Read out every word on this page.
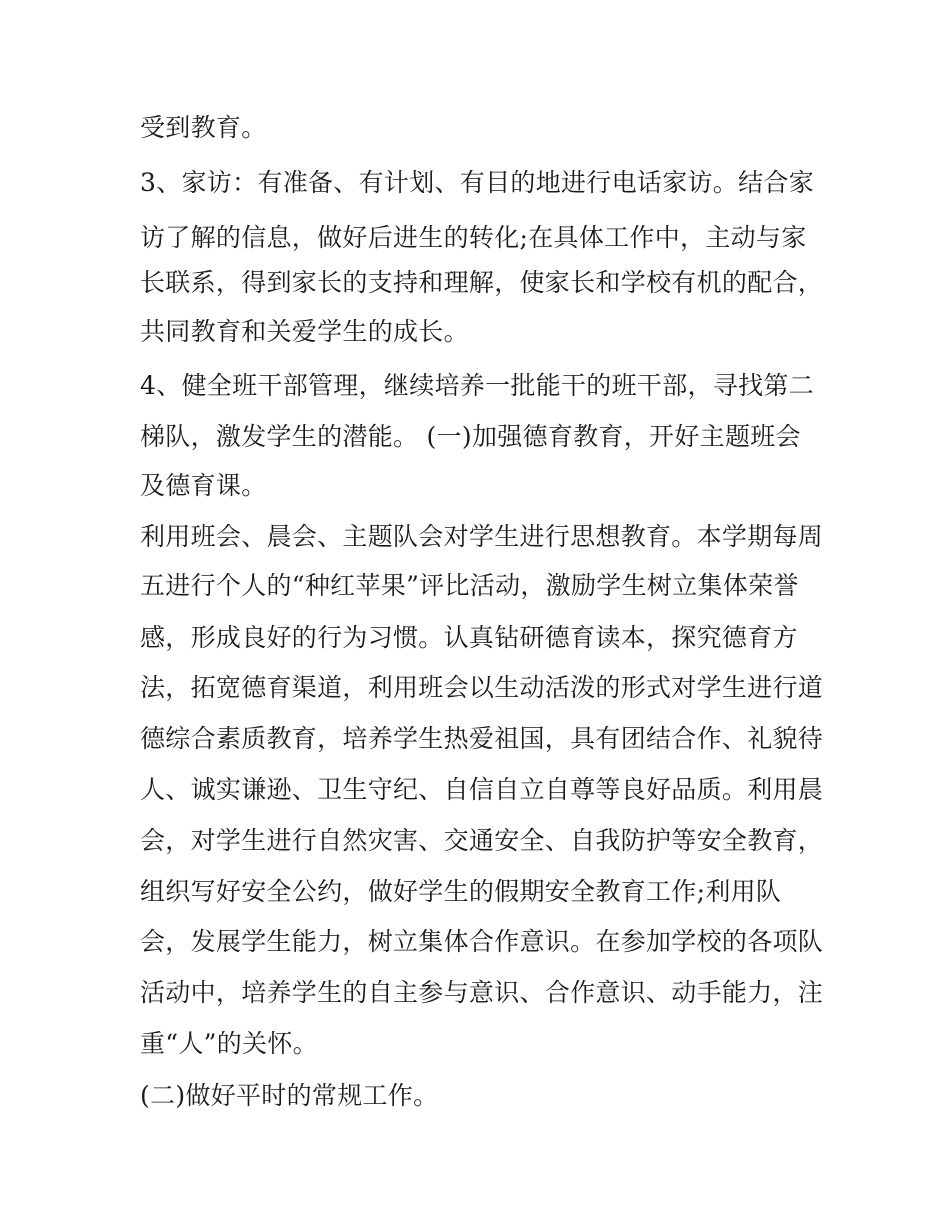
受到教育。
3、家访：有准备、有计划、有目的地进行电话家访。结合家
访了解的信息，做好后进生的转化;在具体工作中，主动与家
长联系，得到家长的支持和理解，使家长和学校有机的配合，
共同教育和关爱学生的成长。
4、健全班干部管理，继续培养一批能干的班干部，寻找第二
梯队，激发学生的潜能。 (一)加强德育教育，开好主题班会
及德育课。
利用班会、晨会、主题队会对学生进行思想教育。本学期每周
五进行个人的“种红苹果”评比活动，激励学生树立集体荣誉
感，形成良好的行为习惯。认真钻研德育读本，探究德育方
法，拓宽德育渠道，利用班会以生动活泼的形式对学生进行道
德综合素质教育，培养学生热爱祖国，具有团结合作、礼貌待
人、诚实谦逊、卫生守纪、自信自立自尊等良好品质。利用晨
会，对学生进行自然灾害、交通安全、自我防护等安全教育，
组织写好安全公约，做好学生的假期安全教育工作;利用队
会，发展学生能力，树立集体合作意识。在参加学校的各项队
活动中，培养学生的自主参与意识、合作意识、动手能力，注
重“人”的关怀。
(二)做好平时的常规工作。
